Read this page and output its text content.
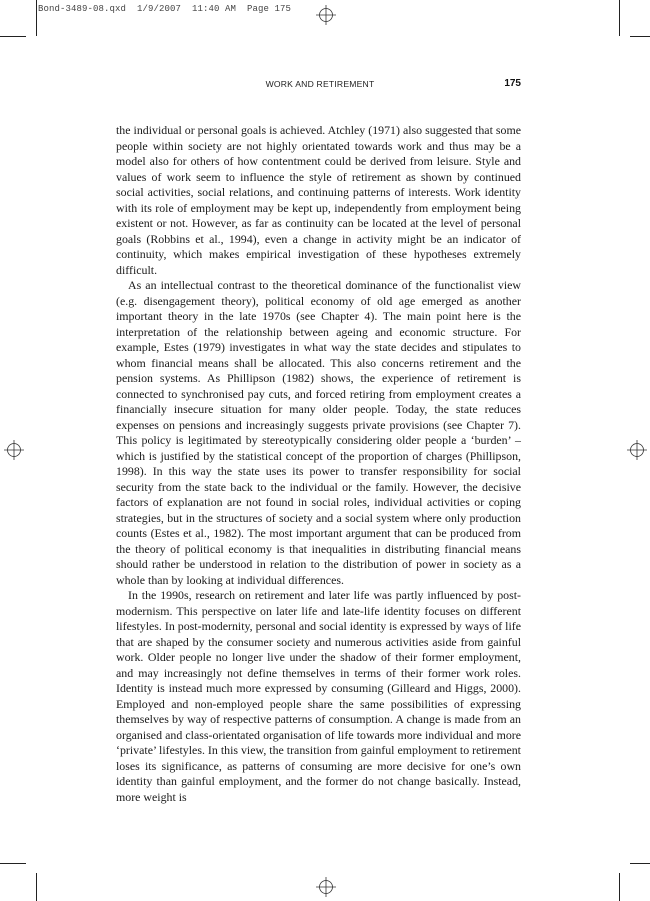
Bond-3489-08.qxd  1/9/2007  11:40 AM  Page 175
WORK AND RETIREMENT	175

the individual or personal goals is achieved. Atchley (1971) also suggested that some people within society are not highly orientated towards work and thus may be a model also for others of how contentment could be derived from leisure. Style and values of work seem to influence the style of retirement as shown by continued social activities, social relations, and continuing patterns of interests. Work identity with its role of employment may be kept up, independently from employment being existent or not. However, as far as continuity can be located at the level of personal goals (Robbins et al., 1994), even a change in activity might be an indicator of continuity, which makes empirical investigation of these hypotheses extremely difficult.

As an intellectual contrast to the theoretical dominance of the functionalist view (e.g. disengagement theory), political economy of old age emerged as another important theory in the late 1970s (see Chapter 4). The main point here is the interpretation of the relationship between ageing and economic structure. For example, Estes (1979) investigates in what way the state decides and stipulates to whom financial means shall be allocated. This also concerns retirement and the pension systems. As Phillipson (1982) shows, the experience of retirement is connected to synchronised pay cuts, and forced retiring from employment creates a financially insecure situation for many older people. Today, the state reduces expenses on pensions and increasingly suggests private provisions (see Chapter 7). This policy is legitimated by stereotypically considering older people a ‘burden’ – which is justified by the statistical concept of the proportion of charges (Phillipson, 1998). In this way the state uses its power to transfer responsibility for social security from the state back to the individual or the family. However, the decisive factors of explanation are not found in social roles, individual activities or coping strategies, but in the structures of society and a social system where only production counts (Estes et al., 1982). The most important argument that can be produced from the theory of political economy is that inequalities in distributing financial means should rather be understood in relation to the distribution of power in society as a whole than by looking at individual differences.

In the 1990s, research on retirement and later life was partly influenced by post-modernism. This perspective on later life and late-life identity focuses on different lifestyles. In post-modernity, personal and social identity is expressed by ways of life that are shaped by the consumer society and numerous activities aside from gainful work. Older people no longer live under the shadow of their former employment, and may increasingly not define themselves in terms of their former work roles. Identity is instead much more expressed by consuming (Gilleard and Higgs, 2000). Employed and non-employed people share the same possibilities of expressing themselves by way of respective patterns of consumption. A change is made from an organised and class-orientated organisation of life towards more individual and more ‘private’ lifestyles. In this view, the transition from gainful employment to retirement loses its significance, as patterns of consuming are more decisive for one’s own identity than gainful employment, and the former do not change basically. Instead, more weight is
